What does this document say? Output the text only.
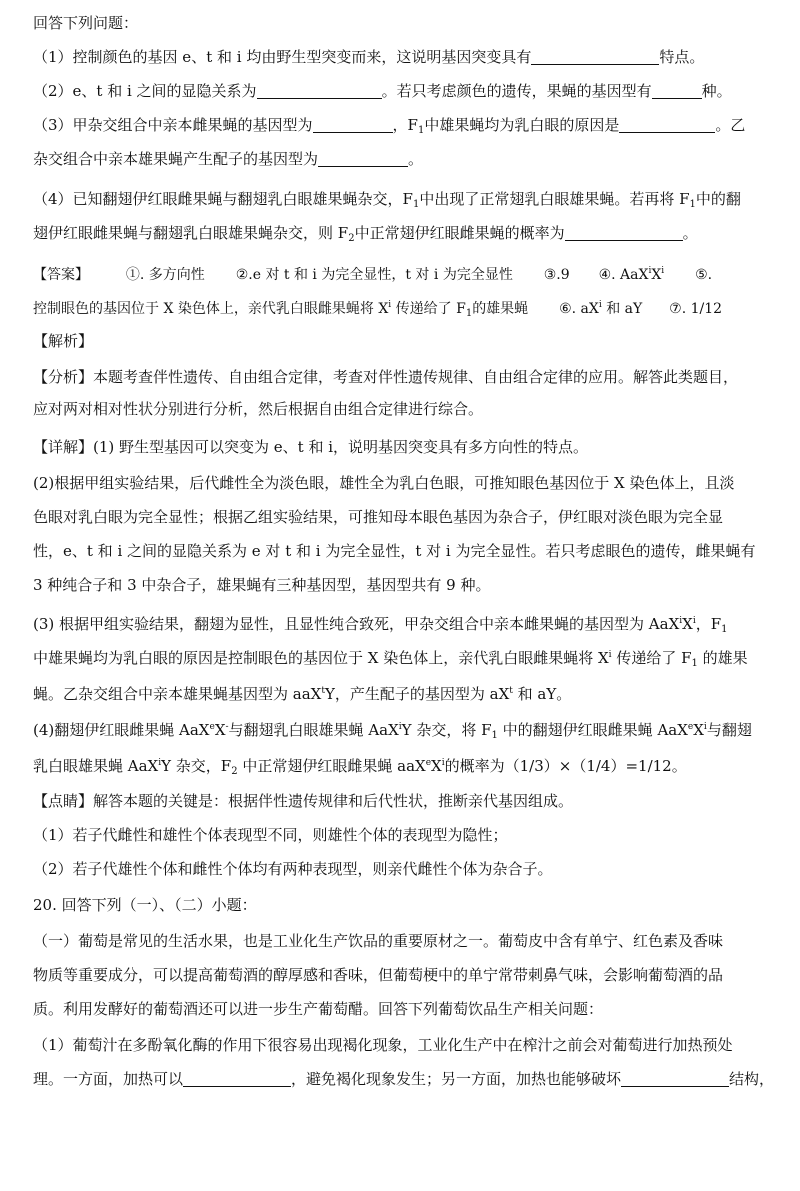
回答下列问题：
（1）控制颜色的基因 e、t 和 i 均由野生型突变而来，这说明基因突变具有	特点。
（2）e、t 和 i 之间的显隐关系为	。若只考虑颜色的遗传，果蝇的基因型有	种。
（3）甲杂交组合中亲本雌果蝇的基因型为	，$F_1$中雄果蝇均为乳白眼的原因是	。乙
杂交组合中亲本雄果蝇产生配子的基因型为	。
（4）已知翻翅伊红眼雌果蝇与翻翅乳白眼雄果蝇杂交，$F_1$中出现了正常翅乳白眼雄果蝇。若再将 $F_1$中的翻
翅伊红眼雌果蝇与翻翅乳白眼雄果蝇杂交，则 $F_2$中正常翅伊红眼雌果蝇的概率为	。
【答案】	①. 多方向性 ②.e 对 t 和 i 为完全显性，t 对 i 为完全显性 ③.9 ④. $AaX^iX^i$ ⑤.
控制眼色的基因位于 X 染色体上，亲代乳白眼雌果蝇将 $X^i$ 传递给了 $F_1$的雄果蝇 ⑥. $aX^i$ 和 aY ⑦. 1/12
【解析】
【分析】本题考查伴性遗传、自由组合定律，考查对伴性遗传规律、自由组合定律的应用。解答此类题目，
应对两对相对性状分别进行分析，然后根据自由组合定律进行综合。
【详解】(1) 野生型基因可以突变为 e、t 和 i，说明基因突变具有多方向性的特点。
(2)根据甲组实验结果，后代雌性全为淡色眼，雄性全为乳白色眼，可推知眼色基因位于 X 染色体上，且淡
色眼对乳白眼为完全显性；根据乙组实验结果，可推知母本眼色基因为杂合子，伊红眼对淡色眼为完全显
性，e、t 和 i 之间的显隐关系为 e 对 t 和 i 为完全显性，t 对 i 为完全显性。若只考虑眼色的遗传，雌果蝇有
3 种纯合子和 3 中杂合子，雄果蝇有三种基因型，基因型共有 9 种。
(3) 根据甲组实验结果，翻翅为显性，且显性纯合致死，甲杂交组合中亲本雌果蝇的基因型为 $AaX^iX^i$，$F_1$
中雄果蝇均为乳白眼的原因是控制眼色的基因位于 X 染色体上，亲代乳白眼雌果蝇将 $X^i$ 传递给了 $F_1$ 的雄果
蝇。乙杂交组合中亲本雄果蝇基因型为 aaX$^t$Y，产生配子的基因型为 $aX^t$ 和 aY。
(4)翻翅伊红眼雌果蝇 AaX$^e$X-与翻翅乳白眼雄果蝇 AaX$^i$Y 杂交，将 $F_1$ 中的翻翅伊红眼雌果蝇 $AaX^eX^i$与翻翅
乳白眼雄果蝇 AaX$^i$Y 杂交，$F_2$ 中正常翅伊红眼雌果蝇 $aaX^eX^i$的概率为（1/3）×（1/4）=1/12。
【点睛】解答本题的关键是：根据伴性遗传规律和后代性状，推断亲代基因组成。
（1）若子代雌性和雄性个体表现型不同，则雄性个体的表现型为隐性；
（2）若子代雄性个体和雌性个体均有两种表现型，则亲代雌性个体为杂合子。
20. 回答下列（一）、（二）小题：
（一）葡萄是常见的生活水果，也是工业化生产饮品的重要原材之一。葡萄皮中含有单宁、红色素及香味
物质等重要成分，可以提高葡萄酒的醇厚感和香味，但葡萄梗中的单宁常带刺鼻气味，会影响葡萄酒的品
质。利用发酵好的葡萄酒还可以进一步生产葡萄醋。回答下列葡萄饮品生产相关问题：
（1）葡萄汁在多酚氧化酶的作用下很容易出现褐化现象，工业化生产中在榨汁之前会对葡萄进行加热预处
理。一方面，加热可以	，避免褐化现象发生；另一方面，加热也能够破坏	结构，
